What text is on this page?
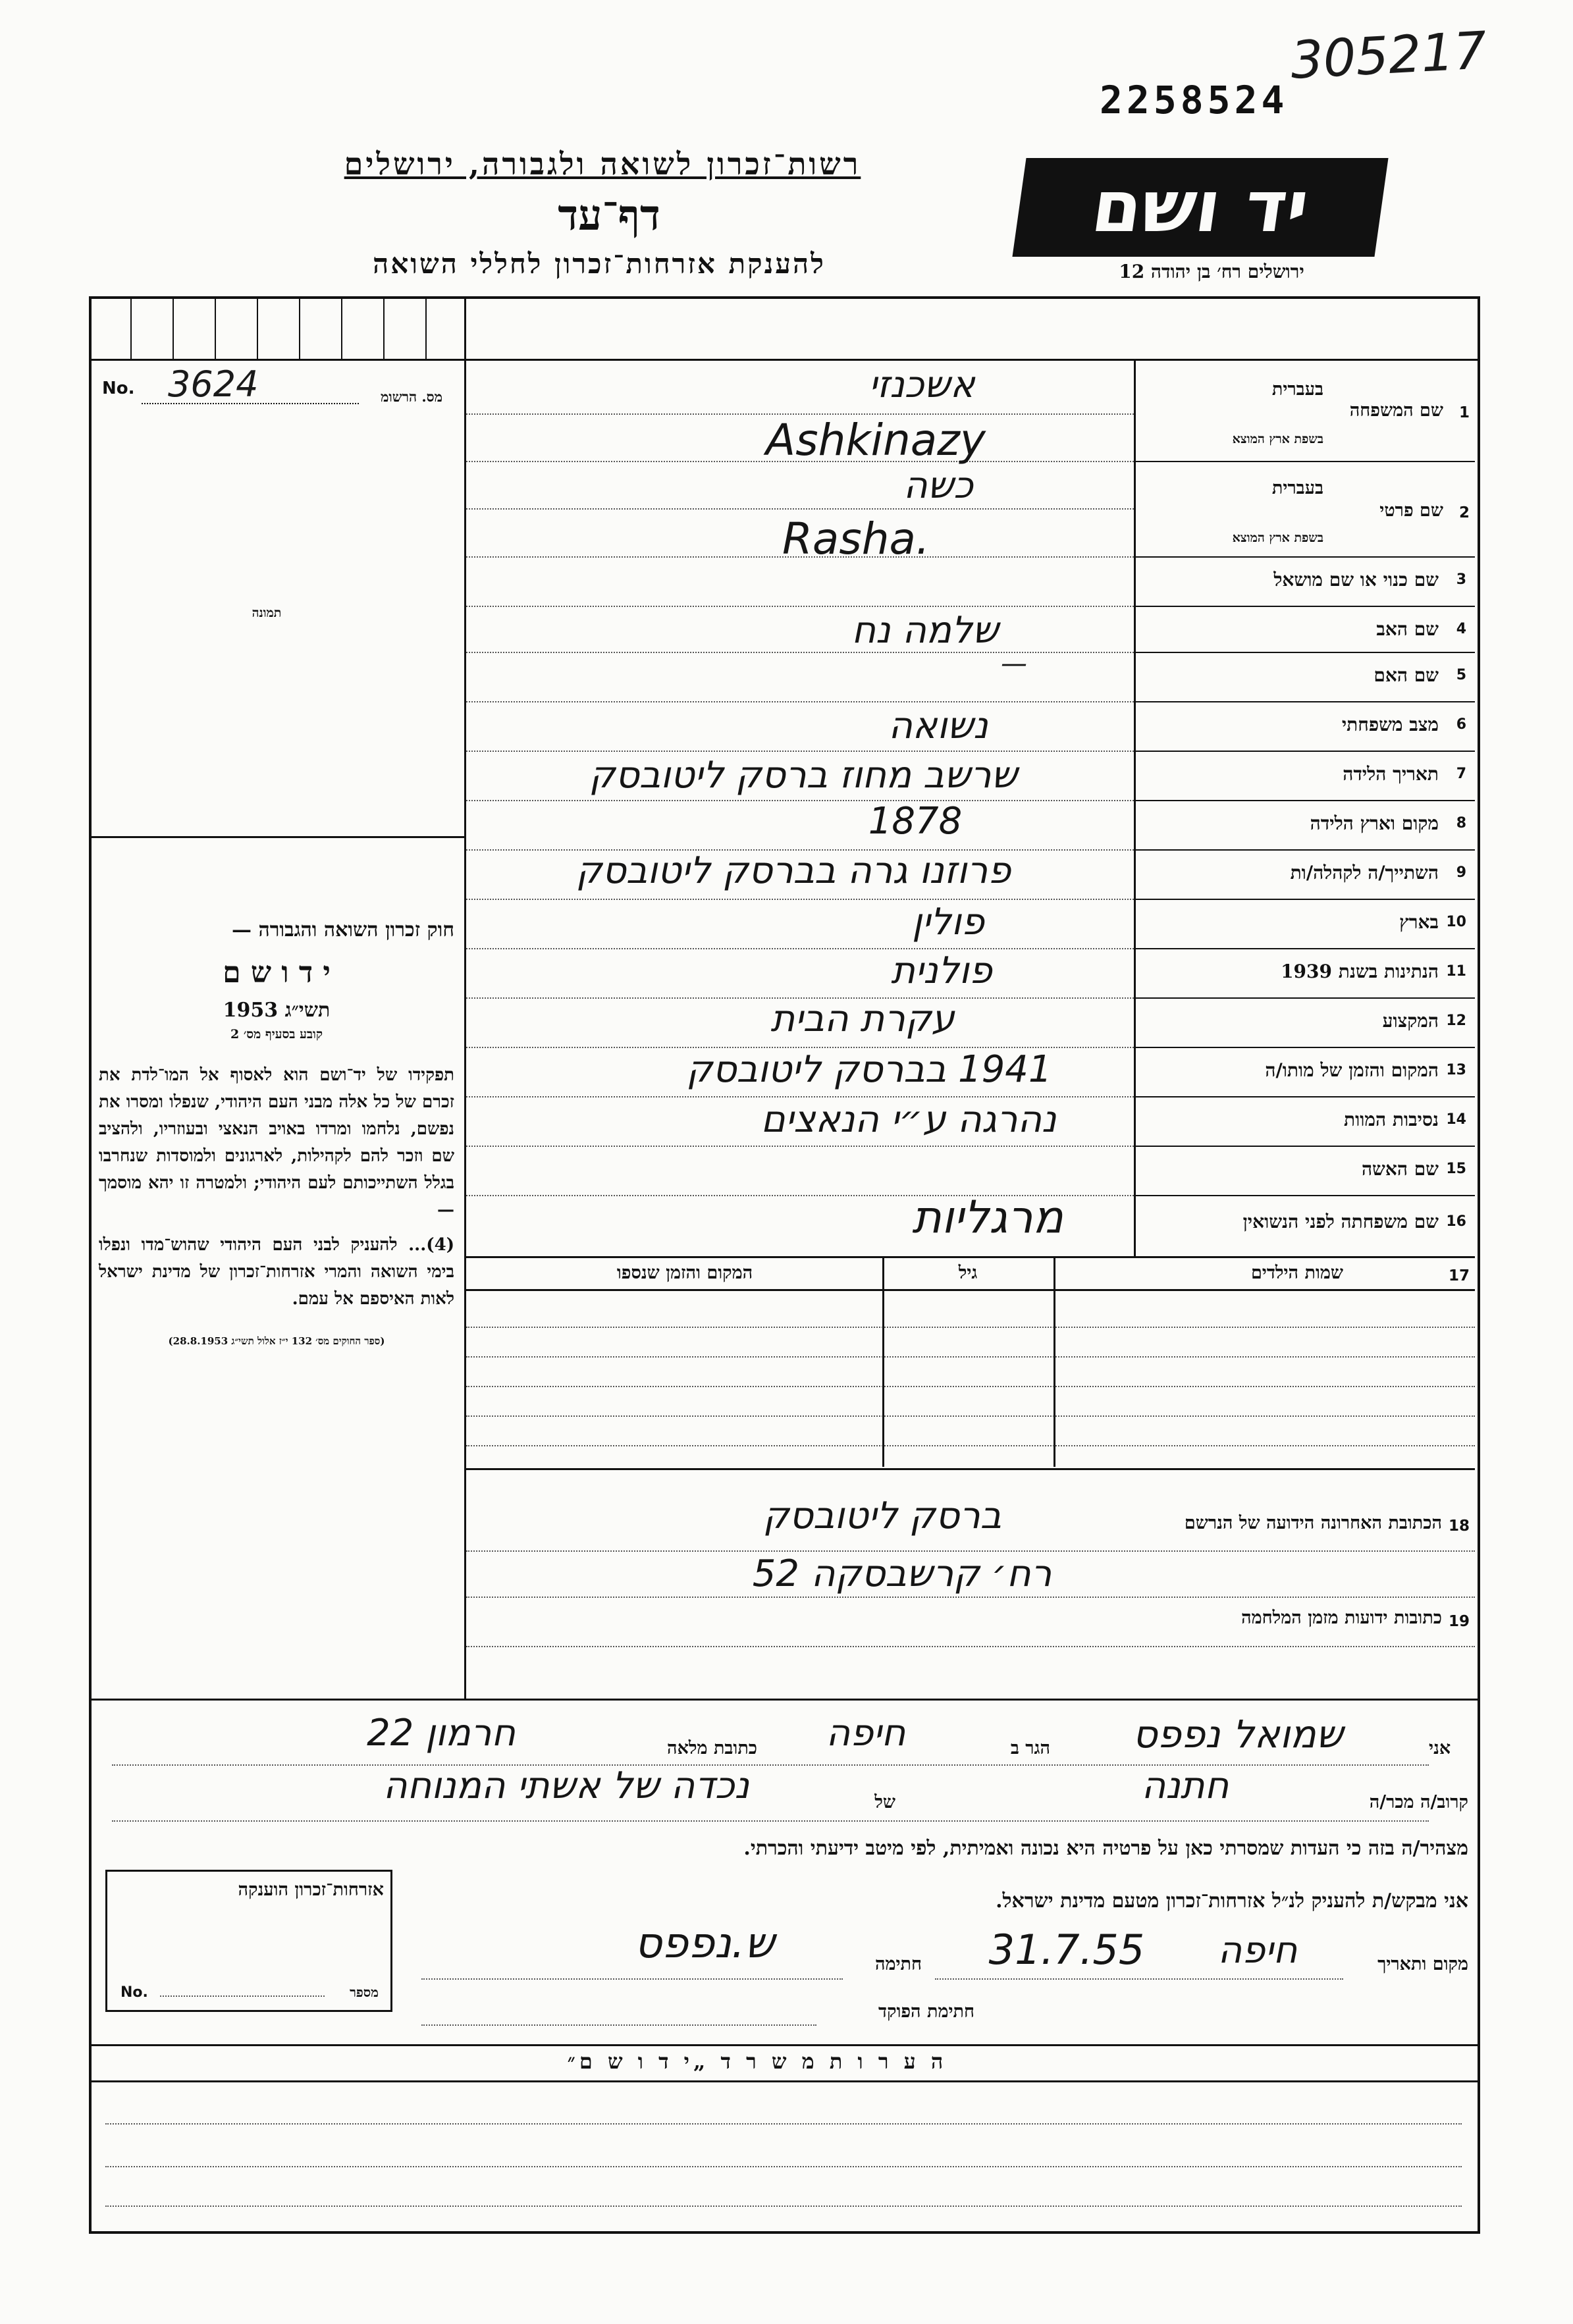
305217
2258524
רשות־זכרון לשואה ולגבורה, ירושלים
דף־עד
להענקת אזרחות־זכרון לחללי השואה
יד ושם
ירושלים רח׳ בן יהודה 12
No. 3624	מס. הרשומ
תמונה
חוק זכרון השואה והגבורה —
י ד ו ש ם
תשי״ג 1953
קובע בסעיף מס׳ 2
תפקידו של יד־ושם הוא לאסוף אל המו־לדת את זכרם של כל אלה מבני העם היהודי, שנפלו ומסרו את נפשם, נלחמו ומרדו באויב הנאצי ובעוזריו, ולהציב שם וזכר להם לקהילות, לארגונים ולמוסדות שנחרבו בגלל השתייכותם לעם היהודי; ולמטרה זו יהא מוסמך —
(4)... להעניק לבני העם היהודי שהוש־מדו ונפלו בימי השואה והמרי אזרחות־זכרון של מדינת ישראל לאות האיספם אל עמם.
(ספר החוקים מס׳ 132 י״ז אלול תשי״ג 28.8.1953)
בעברית
1
שם המשפחה
בשפת ארץ המוצא
אשכנזי
Ashkinazy
בעברית
2
שם פרטי
בשפת ארץ המוצא
כשה
Rasha.
3
שם כנוי או שם מושאל
4
שם האב
שלמה נח
5
שם האם
—
6
מצב משפחתי
נשואה
7
תאריך הלידה
שרשב מחוז ברסק ליטובסק
8
מקום וארץ הלידה
1878
9
השתייך/ה לקהלה/ות
פרוזנו גרה בברסק ליטובסק
10
בארץ
פולין
11
הנתינות בשנת 1939
פולנית
12
המקצוע
עקרת הבית
13
המקום והזמן של מותו/ה
1941 בברסק ליטובסק
14
נסיבות המוות
נהרגה ע״י הנאצים
15
שם האשה
16
שם משפחתה לפני הנשואין
מרגליות
17
שמות הילדים
גיל
המקום והזמן שנספו
18
הכתובת האחרונה הידועה של הנרשם
ברסק ליטובסק
רח׳ קרשבסקה 52
19
כתובות ידועות מזמן המלחמה
אני
שמואל נפפס
הגר ב
חיפה
כתובת מלאה
חרמון 22
קרוב/ה מכר/ה
חתנה
של
נכדה של אשתי המנוחה
מצהיר/ה בזה כי העדות שמסרתי כאן על פרטיה היא נכונה ואמיתית, לפי מיטב ידיעתי והכרתי.
אני מבקש/ת להעניק לנ״ל אזרחות־זכרון מטעם מדינת ישראל.
מקום ותאריך
חיפה
31.7.55
חתימה
ש.נפפס
חתימת הפוקד
אזרחות־זכרון הוענקה
No.	מספר
ה ע ר ו ת מ ש ר ד „י ד ו ש ם״
